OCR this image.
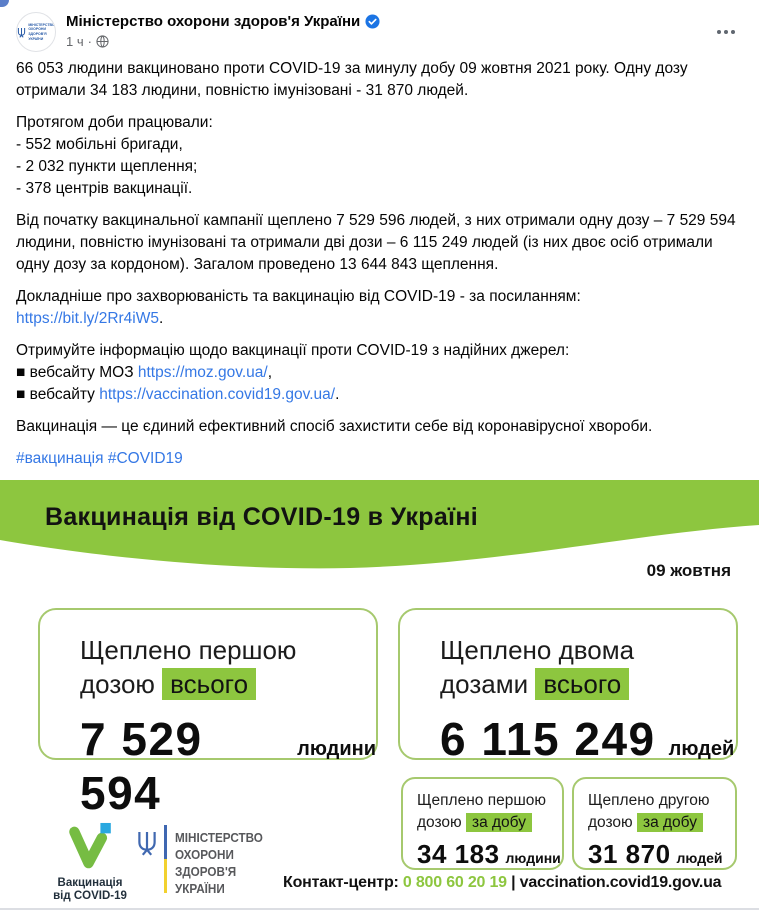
МІНІСТЕРСТВО
ОХОРОНИ
ЗДОРОВ'Я
УКРАЇНИ
Міністерство охорони здоров'я України
1 ч ·

66 053 людини вакциновано проти COVID-19 за минулу добу 09 жовтня 2021 року. Одну дозу отримали 34 183 людини, повністю імунізовані - 31 870 людей.

Протягом доби працювали:
- 552 мобільні бригади,
- 2 032 пункти щеплення;
- 378 центрів вакцинації.

Від початку вакцинальної кампанії щеплено 7 529 596 людей, з них отримали одну дозу – 7 529 594 людини, повністю імунізовані та отримали дві дози – 6 115 249 людей (із них двоє осіб отримали одну дозу за кордоном). Загалом проведено 13 644 843 щеплення.

Докладніше про захворюваність та вакцинацію від COVID-19 - за посиланням:
https://bit.ly/2Rr4iW5.

Отримуйте інформацію щодо вакцинації проти COVID-19 з надійних джерел:
■ вебсайту МОЗ https://moz.gov.ua/,
■ вебсайту https://vaccination.covid19.gov.ua/.

Вакцинація — це єдиний ефективний спосіб захистити себе від коронавірусної хвороби.

#вакцинація #COVID19

Вакцинація від COVID-19 в Україні
09 жовтня
Щеплено першою
дозою всього
7 529 594
людини
Щеплено двома
дозами всього
6 115 249 людей
Щеплено першою
дозою за добу
34 183 людини
Щеплено другою
дозою за добу
31 870 людей
Вакцинація
від COVID-19
МІНІСТЕРСТВО
ОХОРОНИ
ЗДОРОВ'Я
УКРАЇНИ	Контакт-центр: 0 800 60 20 19 | vaccination.covid19.gov.ua
